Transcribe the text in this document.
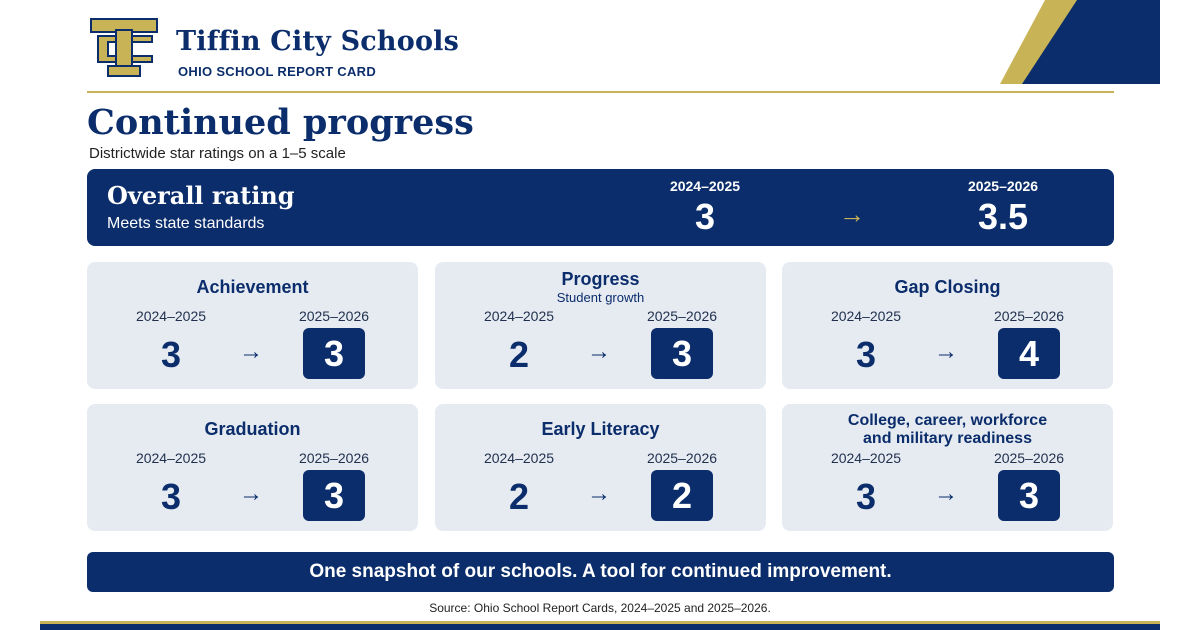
Tiffin City Schools
OHIO SCHOOL REPORT CARD
Continued progress
Districtwide star ratings on a 1–5 scale
Overall rating
Meets state standards
2024–2025
3	→
2025–2026
3.5
Achievement
2024–2025	2025–2026
3	→	3
Progress
Student growth
2024–2025	2025–2026
2	→	3
Gap Closing
2024–2025	2025–2026
3	→	4
Graduation
2024–2025	2025–2026
3	→	3
Early Literacy
2024–2025	2025–2026
2	→	2
College, career, workforce
and military readiness
2024–2025	2025–2026
3	→	3
One snapshot of our schools. A tool for continued improvement.
Source: Ohio School Report Cards, 2024–2025 and 2025–2026.
